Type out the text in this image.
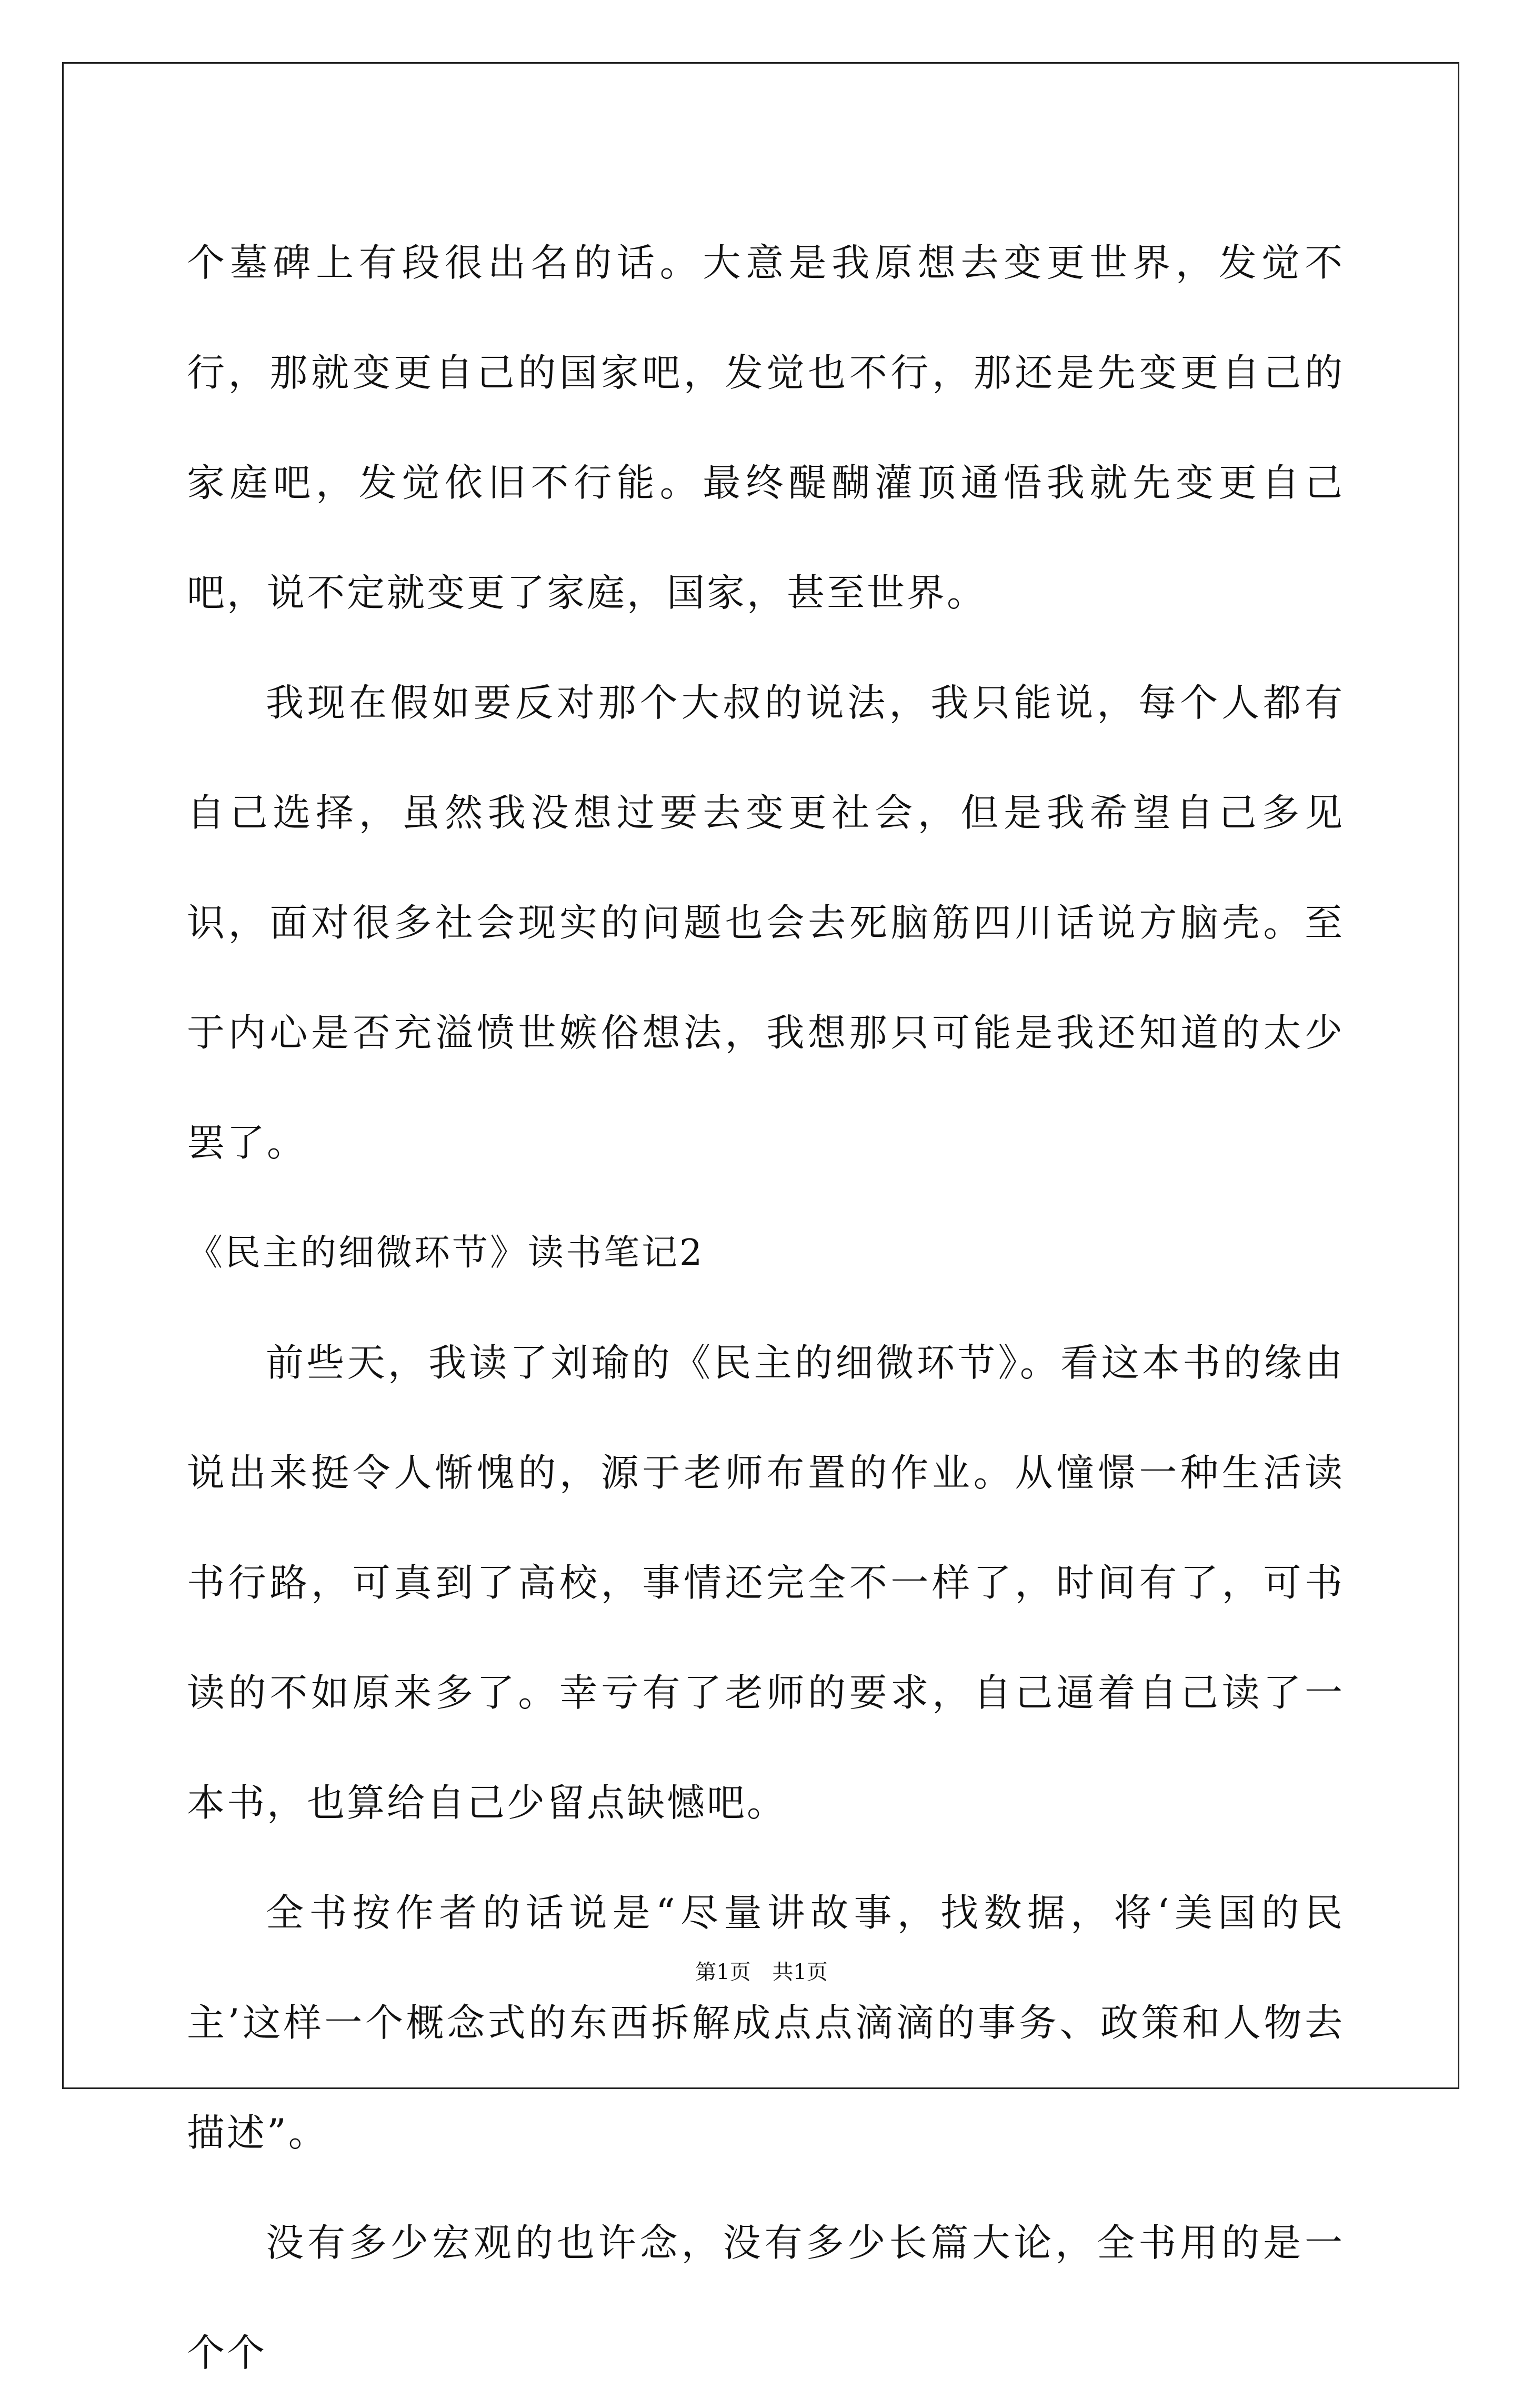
个墓碑上有段很出名的话。大意是我原想去变更世界，发觉不行，那就变更自己的国家吧，发觉也不行，那还是先变更自己的家庭吧，发觉依旧不行能。最终醍醐灌顶通悟我就先变更自己吧，说不定就变更了家庭，国家，甚至世界。

我现在假如要反对那个大叔的说法，我只能说，每个人都有自己选择，虽然我没想过要去变更社会，但是我希望自己多见识，面对很多社会现实的问题也会去死脑筋四川话说方脑壳。至于内心是否充溢愤世嫉俗想法，我想那只可能是我还知道的太少罢了。

《民主的细微环节》读书笔记2

前些天，我读了刘瑜的《民主的细微环节》。看这本书的缘由说出来挺令人惭愧的，源于老师布置的作业。从憧憬一种生活读书行路，可真到了高校，事情还完全不一样了，时间有了，可书读的不如原来多了。幸亏有了老师的要求，自己逼着自己读了一本书，也算给自己少留点缺憾吧。

全书按作者的话说是“尽量讲故事，找数据，将‘美国的民主’这样一个概念式的东西拆解成点点滴滴的事务、政策和人物去描述”。

没有多少宏观的也许念，没有多少长篇大论，全书用的是一个个

第1页 共1页
